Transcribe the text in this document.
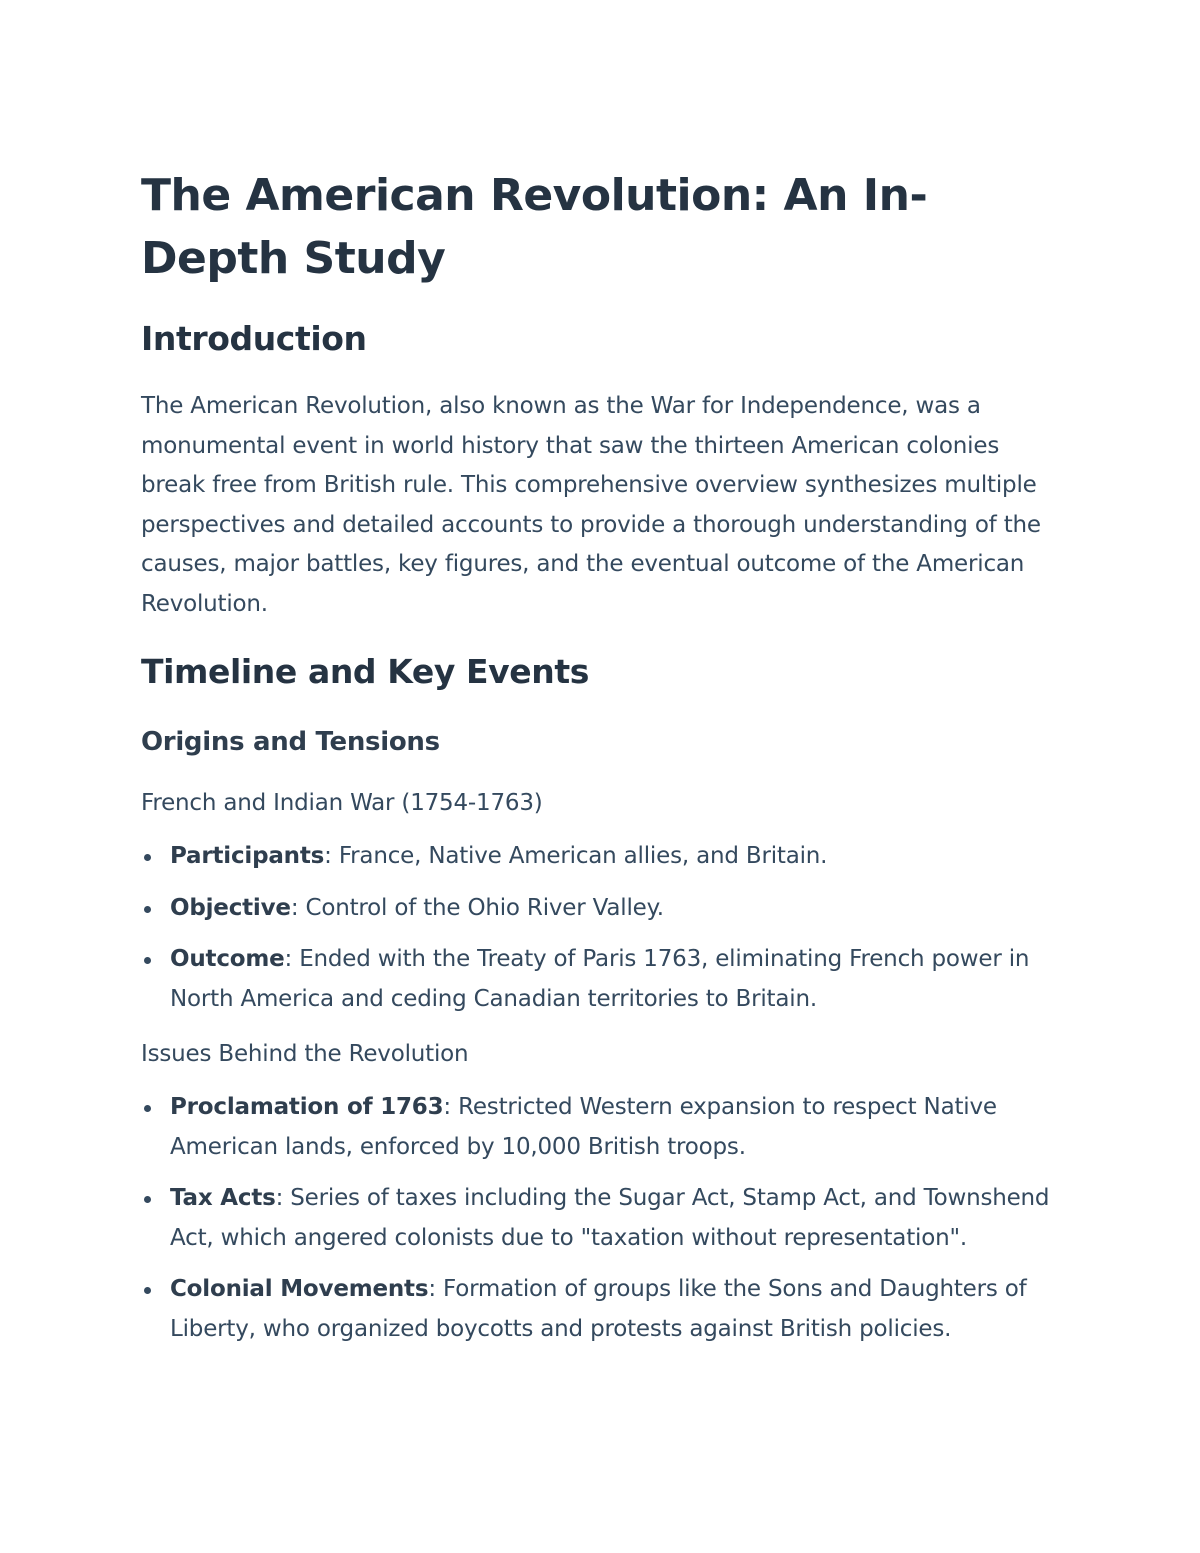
The American Revolution: An In-Depth Study
Introduction

The American Revolution, also known as the War for Independence, was a monumental event in world history that saw the thirteen American colonies break free from British rule. This comprehensive overview synthesizes multiple perspectives and detailed accounts to provide a thorough understanding of the causes, major battles, key figures, and the eventual outcome of the American Revolution.

Timeline and Key Events
Origins and Tensions

French and Indian War (1754-1763)

Participants: France, Native American allies, and Britain.
Objective: Control of the Ohio River Valley.
Outcome: Ended with the Treaty of Paris 1763, eliminating French power in North America and ceding Canadian territories to Britain.

Issues Behind the Revolution

Proclamation of 1763: Restricted Western expansion to respect Native American lands, enforced by 10,000 British troops.
Tax Acts: Series of taxes including the Sugar Act, Stamp Act, and Townshend Act, which angered colonists due to "taxation without representation".
Colonial Movements: Formation of groups like the Sons and Daughters of Liberty, who organized boycotts and protests against British policies.
